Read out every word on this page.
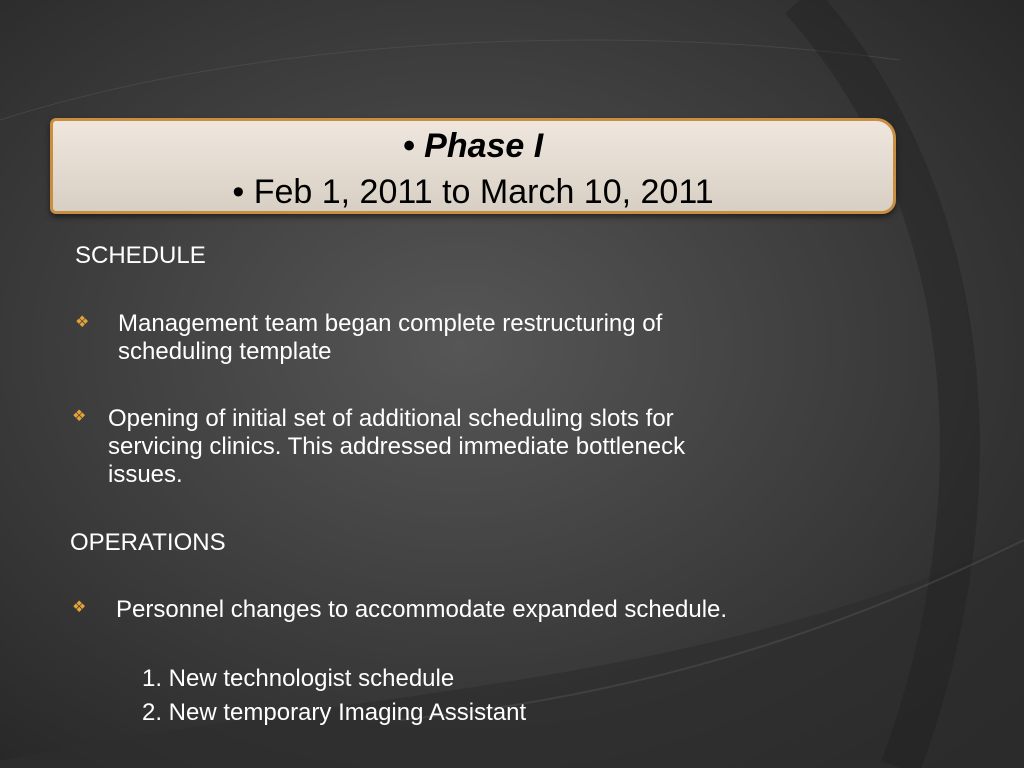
• Phase I
• Feb 1, 2011 to March 10, 2011
SCHEDULE
❖ Management team began complete restructuring of
scheduling template
❖ Opening of initial set of additional scheduling slots for
servicing clinics. This addressed immediate bottleneck
issues.
OPERATIONS
❖ Personnel changes to accommodate expanded schedule.
1. New technologist schedule
2. New temporary Imaging Assistant
